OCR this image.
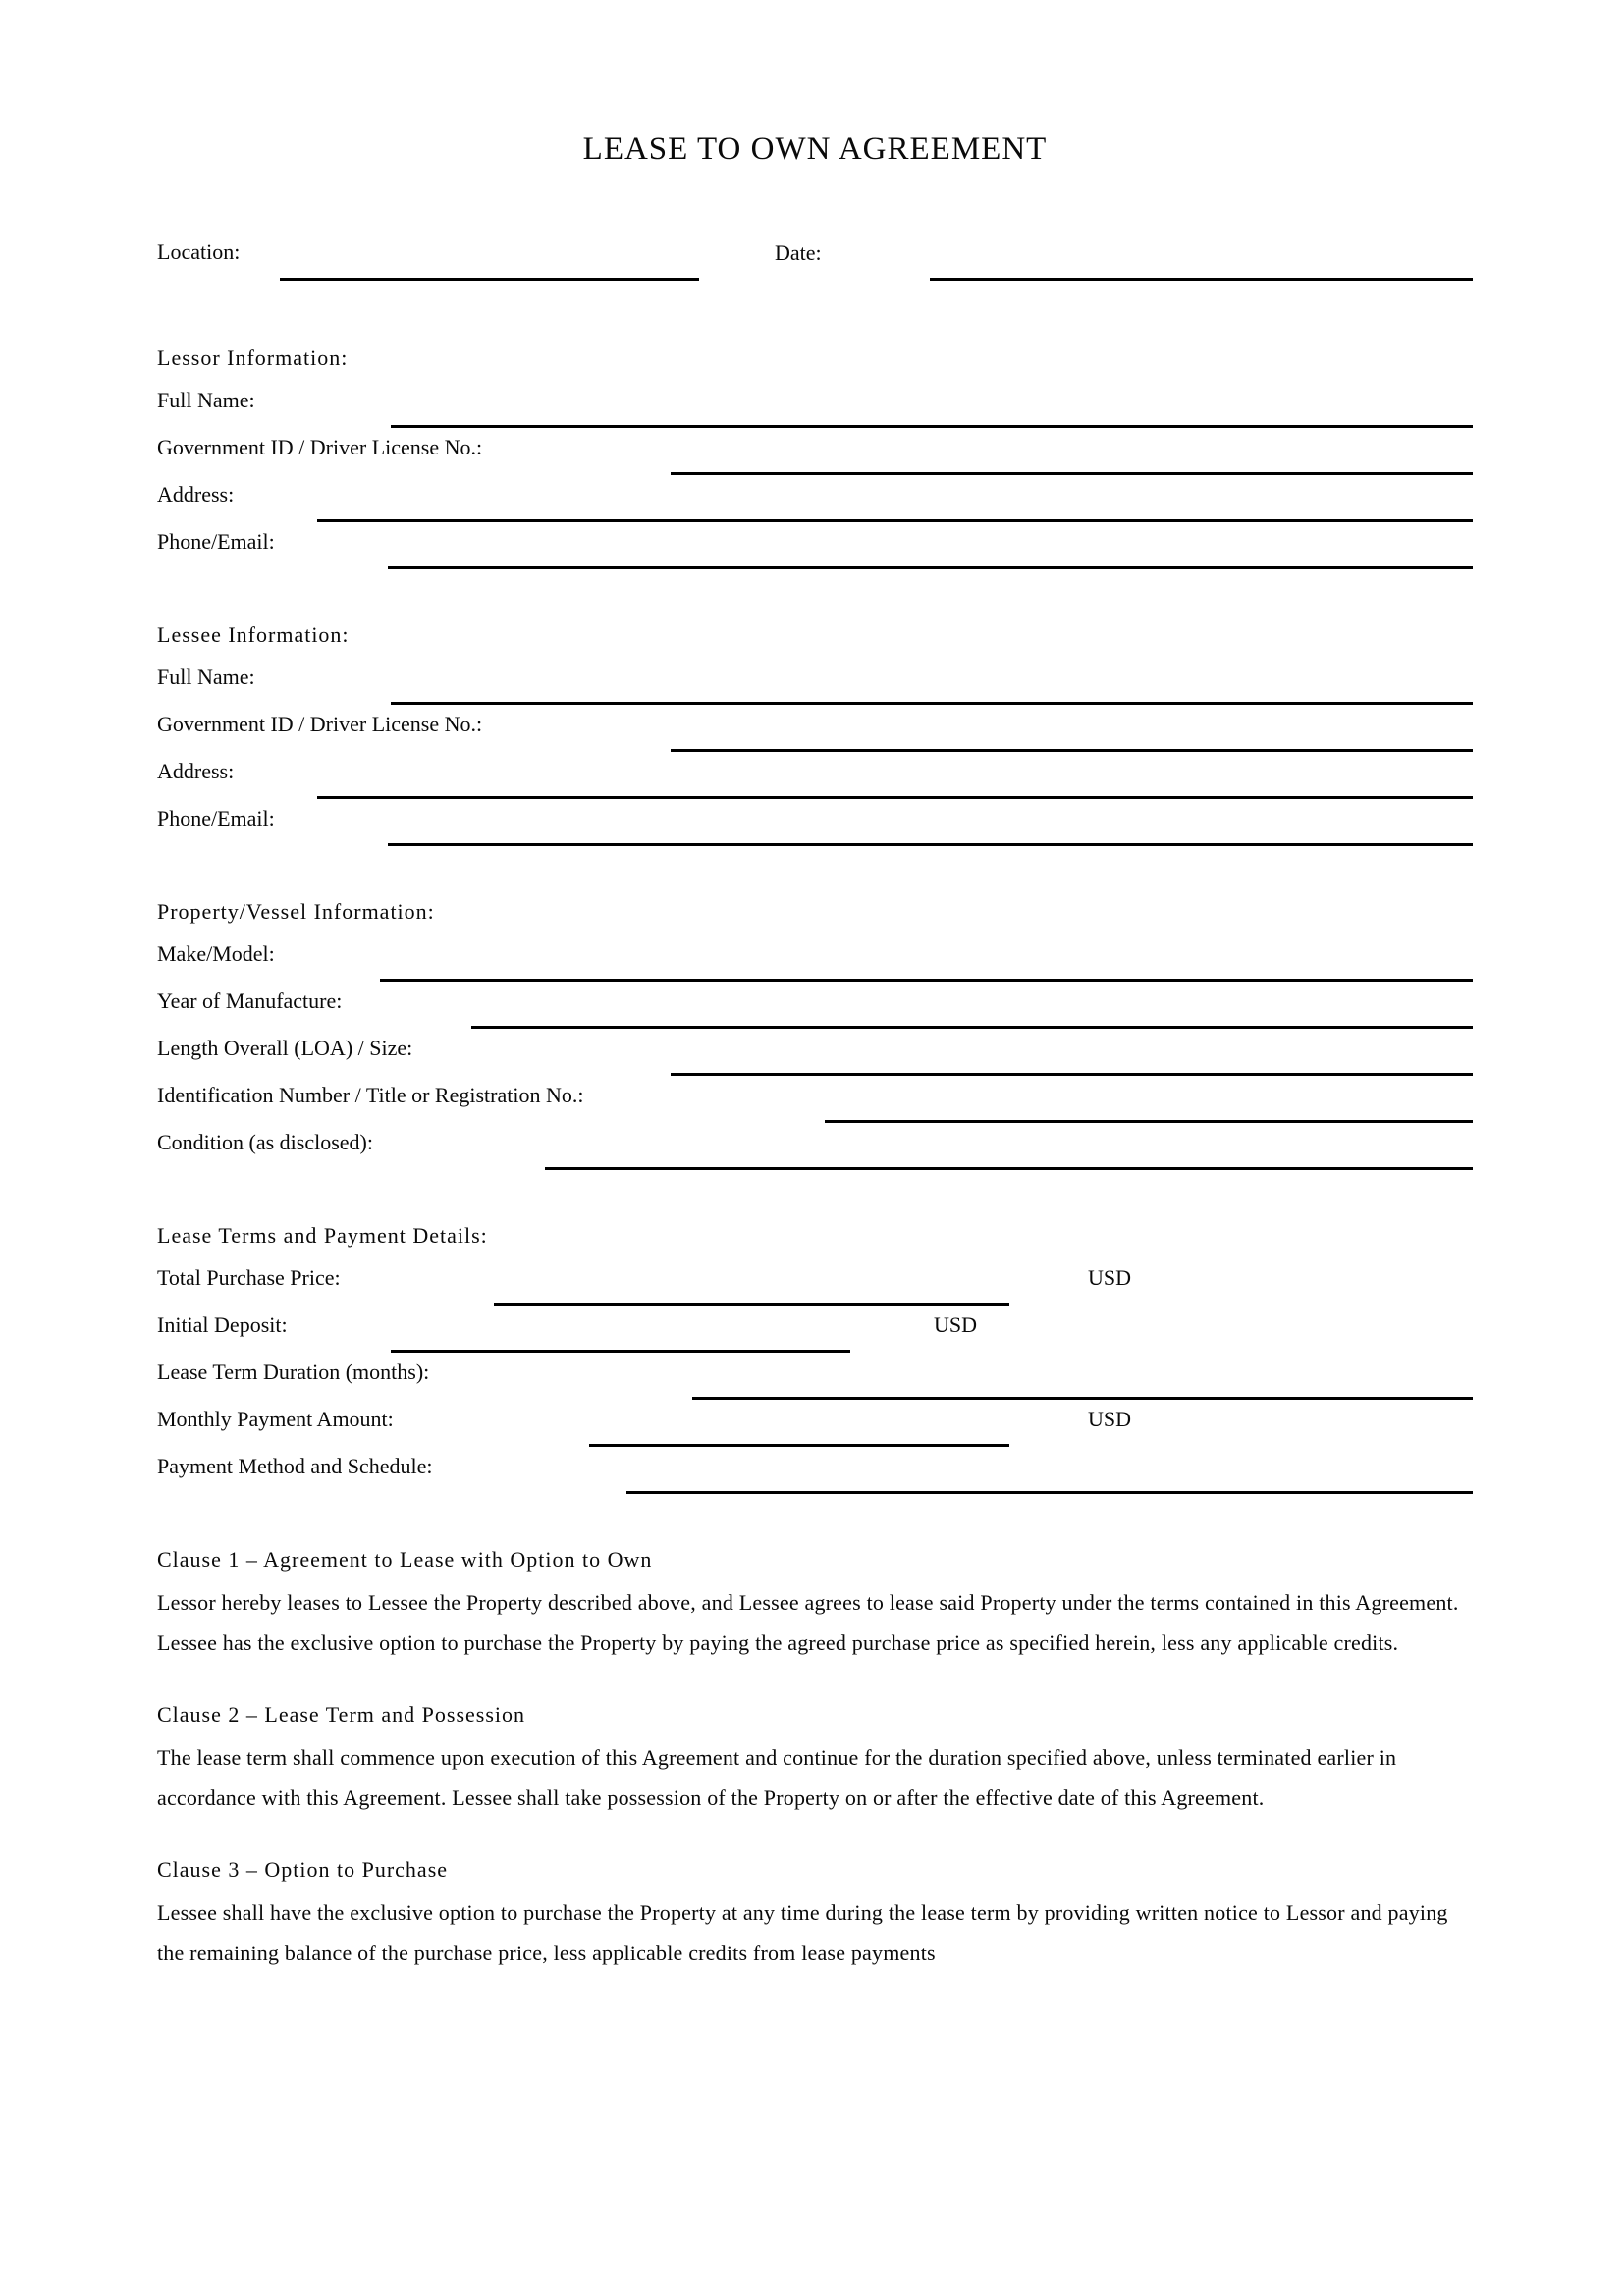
LEASE TO OWN AGREEMENT
Location:	Date:
Lessor Information:
Full Name:
Government ID / Driver License No.:
Address:
Phone/Email:
Lessee Information:
Full Name:
Government ID / Driver License No.:
Address:
Phone/Email:
Property/Vessel Information:
Make/Model:
Year of Manufacture:
Length Overall (LOA) / Size:
Identification Number / Title or Registration No.:
Condition (as disclosed):
Lease Terms and Payment Details:
Total Purchase Price:	USD
Initial Deposit:	USD
Lease Term Duration (months):
Monthly Payment Amount:	USD
Payment Method and Schedule:
Clause 1 – Agreement to Lease with Option to Own

Lessor hereby leases to Lessee the Property described above, and Lessee agrees to lease said Property under the terms contained in this Agreement. Lessee has the exclusive option to purchase the Property by paying the agreed purchase price as specified herein, less any applicable credits.

Clause 2 – Lease Term and Possession

The lease term shall commence upon execution of this Agreement and continue for the duration specified above, unless terminated earlier in accordance with this Agreement. Lessee shall take possession of the Property on or after the effective date of this Agreement.

Clause 3 – Option to Purchase

Lessee shall have the exclusive option to purchase the Property at any time during the lease term by providing written notice to Lessor and paying the remaining balance of the purchase price, less applicable credits from lease payments
